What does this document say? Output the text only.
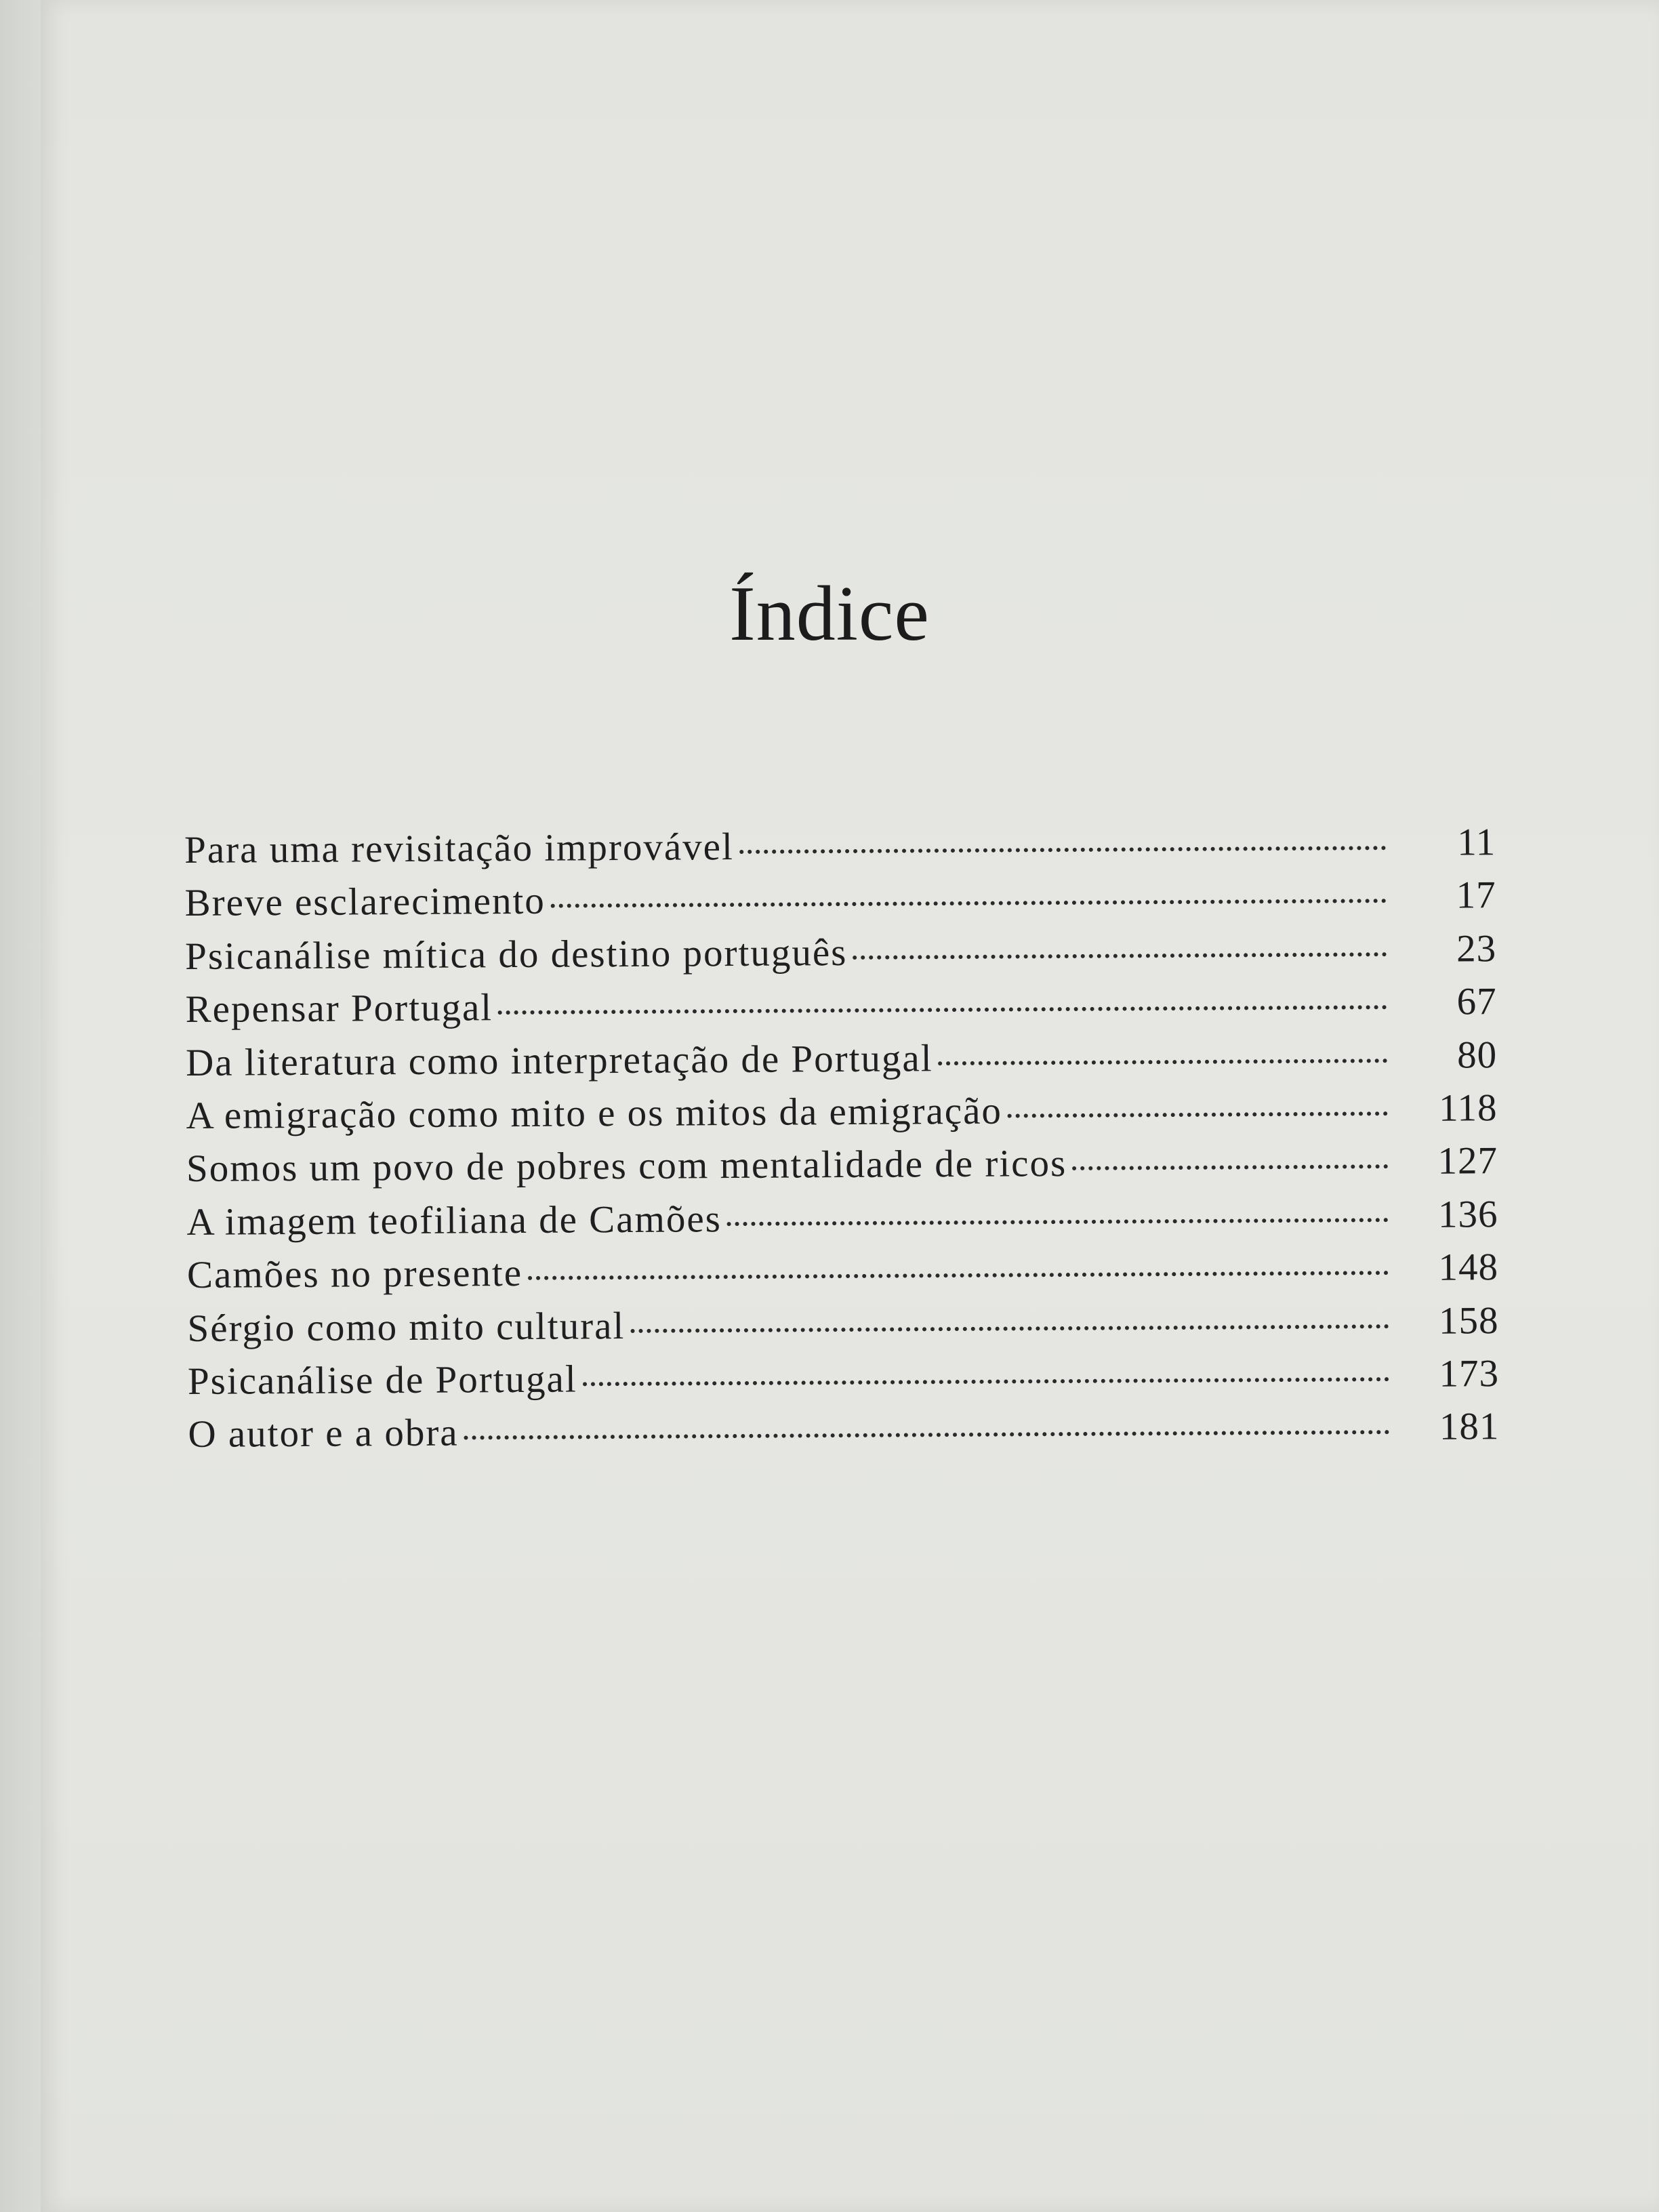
Índice
Para uma revisitação improvável	11
Breve esclarecimento	17
Psicanálise mítica do destino português	23
Repensar Portugal	67
Da literatura como interpretação de Portugal	80
A emigração como mito e os mitos da emigração	118
Somos um povo de pobres com mentalidade de ricos	127
A imagem teofiliana de Camões	136
Camões no presente	148
Sérgio como mito cultural	158
Psicanálise de Portugal	173
O autor e a obra	181
